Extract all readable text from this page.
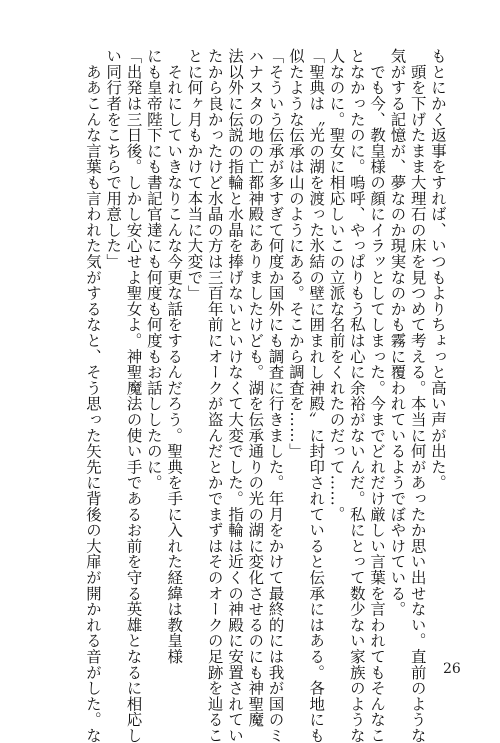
もとにかく返事をすれば、いつもよりちょっと高い声が出た。

　頭を下げたまま大理石の床を見つめて考える。本当に何があったか思い出せない。直前のような

気がする記憶が、夢なのか現実なのかも霧に覆われているようでぼやけている。

　でも今、教皇様の顔にイラッとしてしまった。今までどれだけ厳しい言葉を言われてもそんなこ

となかったのに。嗚呼、やっぱりもう私は心に余裕がないんだ。私にとって数少ない家族のような

人なのに。聖女に相応しいこの立派な名前をくれたのだって……。

「聖典は〝光の湖を渡った氷結の壁に囲まれし神殿〟に封印されていると伝承にはある。各地にも

似たような伝承は山のようにある。そこから調査を……」

「そういう伝承が多すぎて何度か国外にも調査に行きました。年月をかけて最終的には我が国のミ

ハナスタの地の亡都神殿にありましたけども。湖を伝承通りの光の湖に変化させるのにも神聖魔

法以外に伝説の指輪と水晶を捧げないといけなくて大変でした。指輪は近くの神殿に安置されてい

たから良かったけど水晶の方は三百年前にオークが盗んだとかでまずはそのオークの足跡を辿るこ

とに何ヶ月もかけて本当に大変で」

　それにしていきなりこんな今更な話をするんだろう。聖典を手に入れた経緯は教皇様

にも皇帝陛下にも書記官達にも何度も何度もお話ししたのに。

「出発は三日後。しかし安心せよ聖女よ。神聖魔法の使い手であるお前を守る英雄となるに相応し

い同行者をこちらで用意した」

　ああこんな言葉も言われた気がするなと、そう思った矢先に背後の大扉が開かれる音がした。な	26
